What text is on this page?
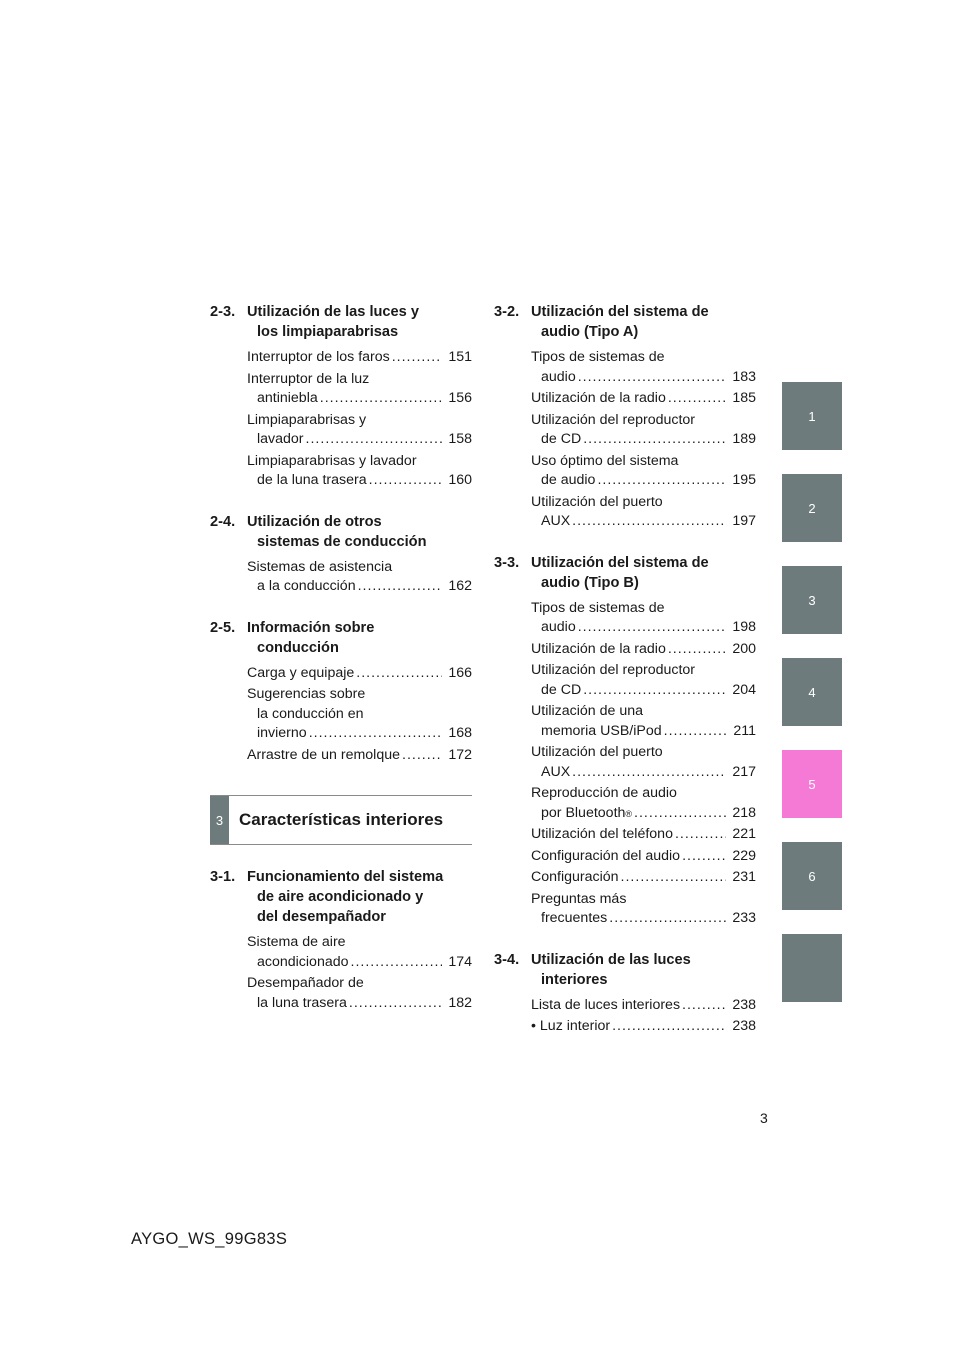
2-3. Utilización de las luces y
los limpiaparabrisas
Interruptor de los faros .....	151
Interruptor de la luz
antiniebla .....	156
Limpiaparabrisas y
lavador .....	158
Limpiaparabrisas y lavador
de la luna trasera .....	160
2-4. Utilización de otros
sistemas de conducción
Sistemas de asistencia
a la conducción .....	162
2-5. Información sobre
conducción
Carga y equipaje .....	166
Sugerencias sobre
la conducción en
invierno .....	168
Arrastre de un remolque .....	172
3 Características interiores
3-1. Funcionamiento del sistema
de aire acondicionado y
del desempañador
Sistema de aire
acondicionado .....	174
Desempañador de
la luna trasera .....	182
3-2. Utilización del sistema de
audio (Tipo A)
Tipos de sistemas de
audio .....	183
Utilización de la radio .....	185
Utilización del reproductor
de CD .....	189
Uso óptimo del sistema
de audio .....	195
Utilización del puerto
AUX .....	197
3-3. Utilización del sistema de
audio (Tipo B)
Tipos de sistemas de
audio .....	198
Utilización de la radio .....	200
Utilización del reproductor
de CD .....	204
Utilización de una
memoria USB/iPod .....	211
Utilización del puerto
AUX .....	217
Reproducción de audio
por Bluetooth ® .....	218
Utilización del teléfono .....	221
Configuración del audio .....	229
Configuración .....	231
Preguntas más
frecuentes .....	233
3-4. Utilización de las luces
interiores
Lista de luces interiores .....	238
• Luz interior .....	238
1
2
3
4
5
6
3
AYGO_WS_99G83S
